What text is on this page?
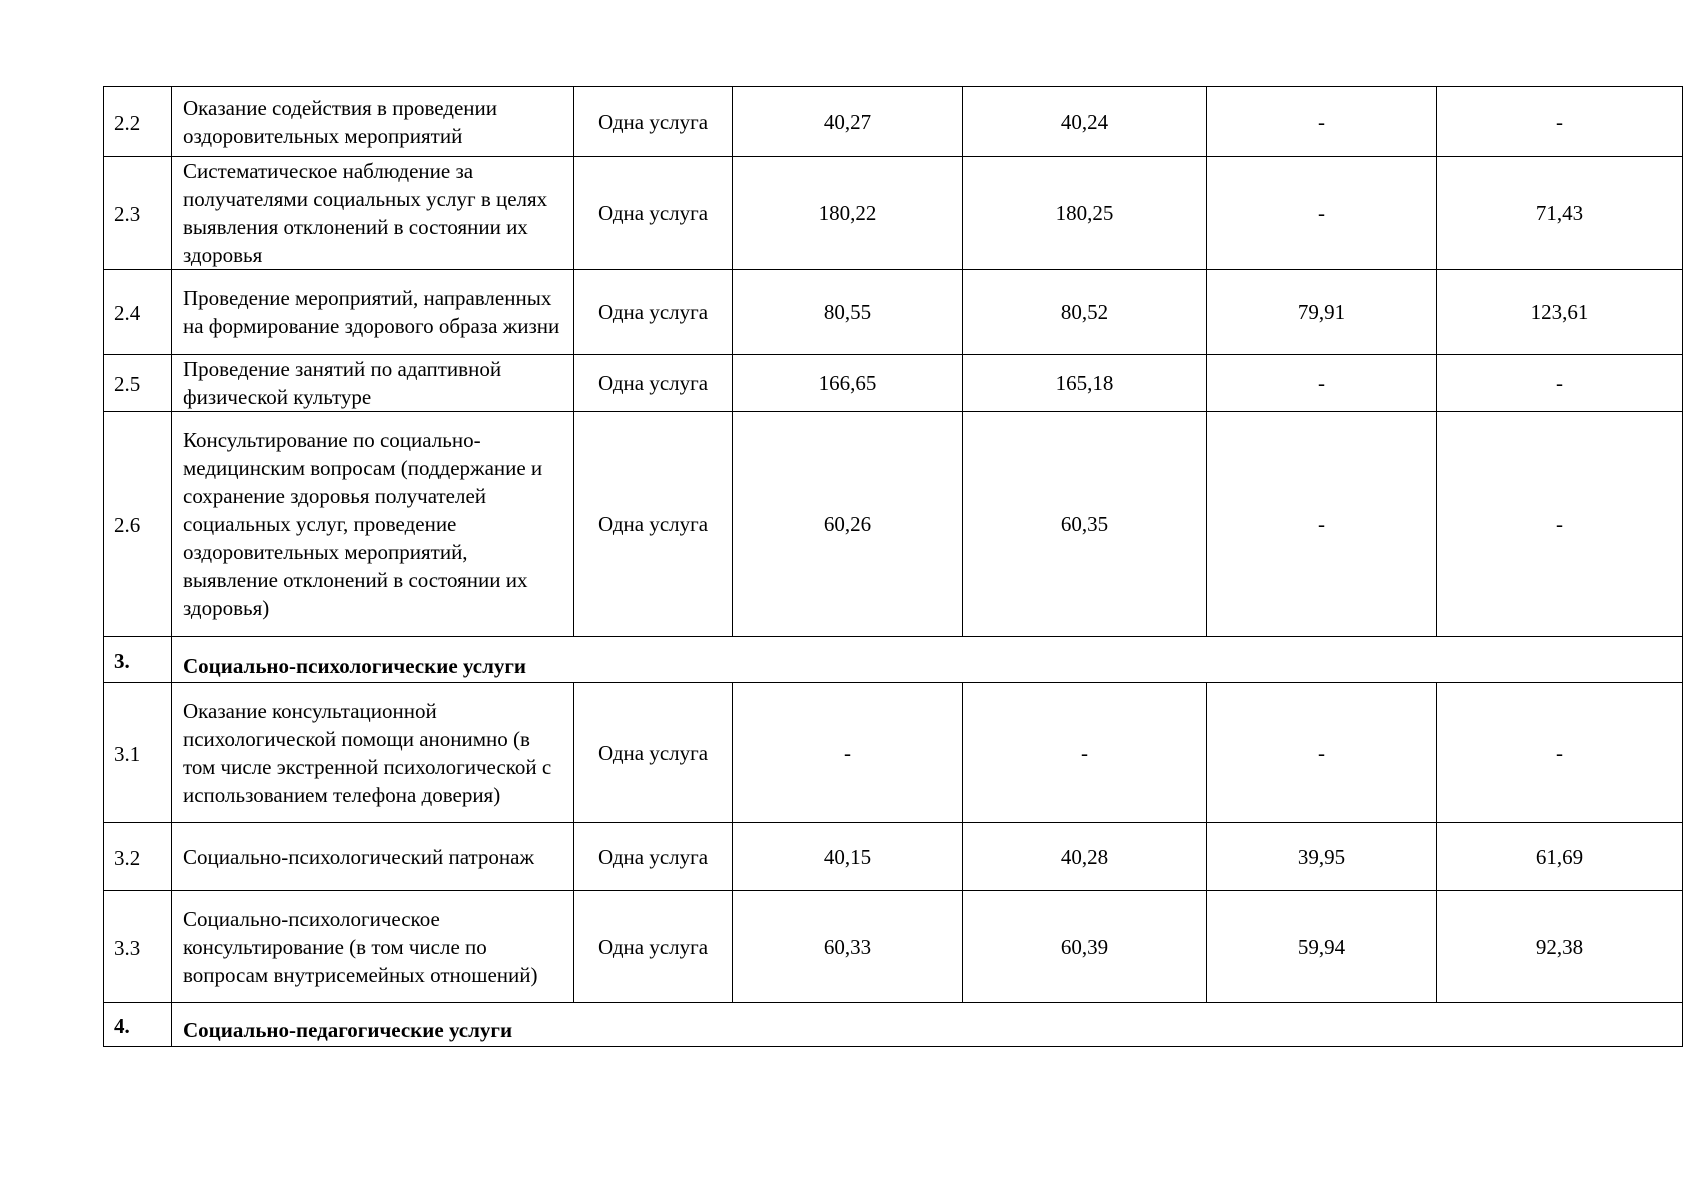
2.2	Оказание содействия в проведении оздоровительных мероприятий	Одна услуга	40,27	40,24	-	-
2.3	Систематическое наблюдение за получателями социальных услуг в целях выявления отклонений в состоянии их здоровья	Одна услуга	180,22	180,25	-	71,43
2.4	Проведение мероприятий, направленных на формирование здорового образа жизни	Одна услуга	80,55	80,52	79,91	123,61
2.5	Проведение занятий по адаптивной физической культуре	Одна услуга	166,65	165,18	-	-
2.6	Консультирование по социально-медицинским вопросам (поддержание и сохранение здоровья получателей социальных услуг, проведение оздоровительных мероприятий, выявление отклонений в состоянии их здоровья)	Одна услуга	60,26	60,35	-	-
3.	Социально-психологические услуги					
3.1	Оказание консультационной психологической помощи анонимно (в том числе экстренной психологической с использованием телефона доверия)	Одна услуга	-	-	-	-
3.2	Социально-психологический патронаж	Одна услуга	40,15	40,28	39,95	61,69
3.3	Социально-психологическое консультирование (в том числе по вопросам внутрисемейных отношений)	Одна услуга	60,33	60,39	59,94	92,38
4.	Социально-педагогические услуги					
